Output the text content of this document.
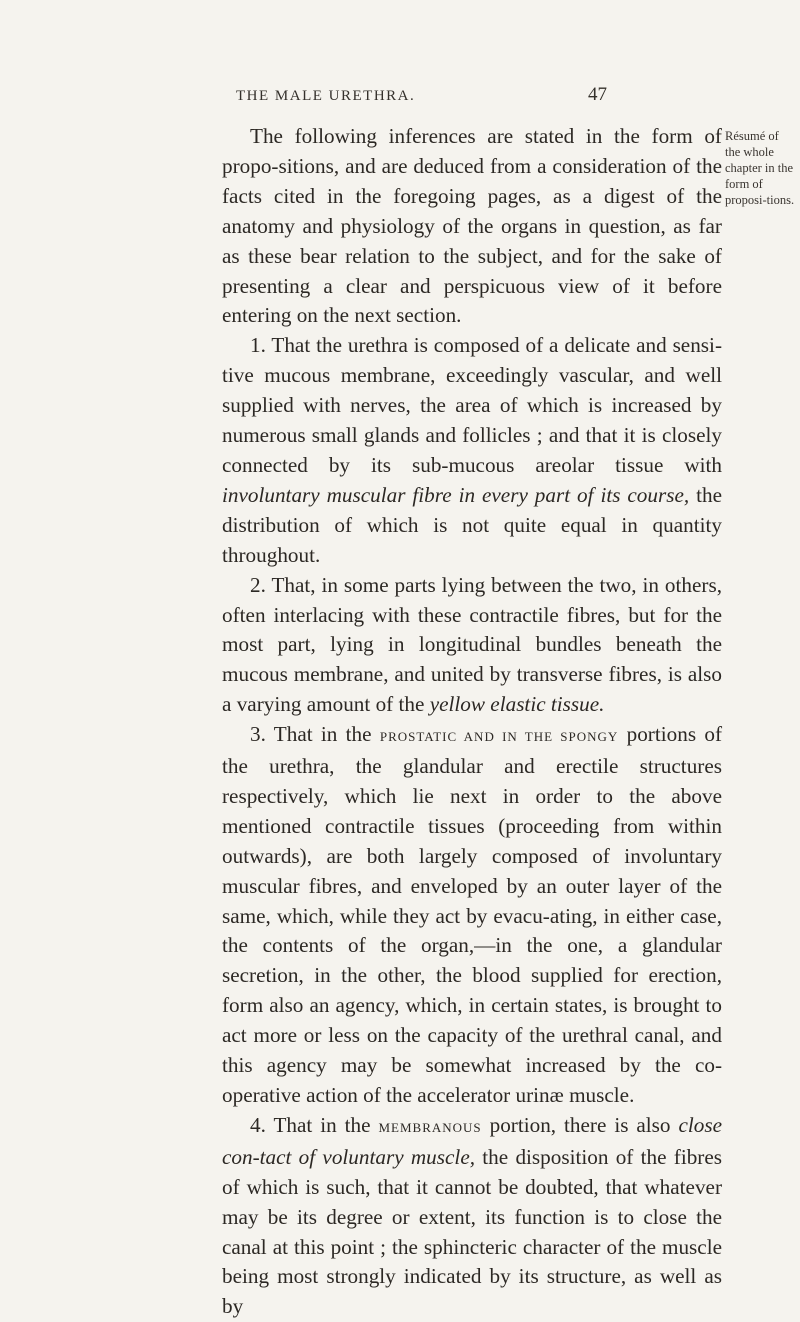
THE MALE URETHRA.	47
Résumé of the whole chapter in the form of proposi-tions.

The following inferences are stated in the form of propo-sitions, and are deduced from a consideration of the facts cited in the foregoing pages, as a digest of the anatomy and physiology of the organs in question, as far as these bear relation to the subject, and for the sake of presenting a clear and perspicuous view of it before entering on the next section.

1. That the urethra is composed of a delicate and sensi-tive mucous membrane, exceedingly vascular, and well supplied with nerves, the area of which is increased by numerous small glands and follicles ; and that it is closely connected by its sub-mucous areolar tissue with involuntary muscular fibre in every part of its course, the distribution of which is not quite equal in quantity throughout.

2. That, in some parts lying between the two, in others, often interlacing with these contractile fibres, but for the most part, lying in longitudinal bundles beneath the mucous membrane, and united by transverse fibres, is also a varying amount of the yellow elastic tissue.

3. That in the PROSTATIC AND IN THE SPONGY portions of the urethra, the glandular and erectile structures respectively, which lie next in order to the above mentioned contractile tissues (proceeding from within outwards), are both largely composed of involuntary muscular fibres, and enveloped by an outer layer of the same, which, while they act by evacu-ating, in either case, the contents of the organ,—in the one, a glandular secretion, in the other, the blood supplied for erection, form also an agency, which, in certain states, is brought to act more or less on the capacity of the urethral canal, and this agency may be somewhat increased by the co-operative action of the accelerator urinæ muscle.

4. That in the MEMBRANOUS portion, there is also close con-tact of voluntary muscle, the disposition of the fibres of which is such, that it cannot be doubted, that whatever may be its degree or extent, its function is to close the canal at this point ; the sphincteric character of the muscle being most strongly indicated by its structure, as well as by
